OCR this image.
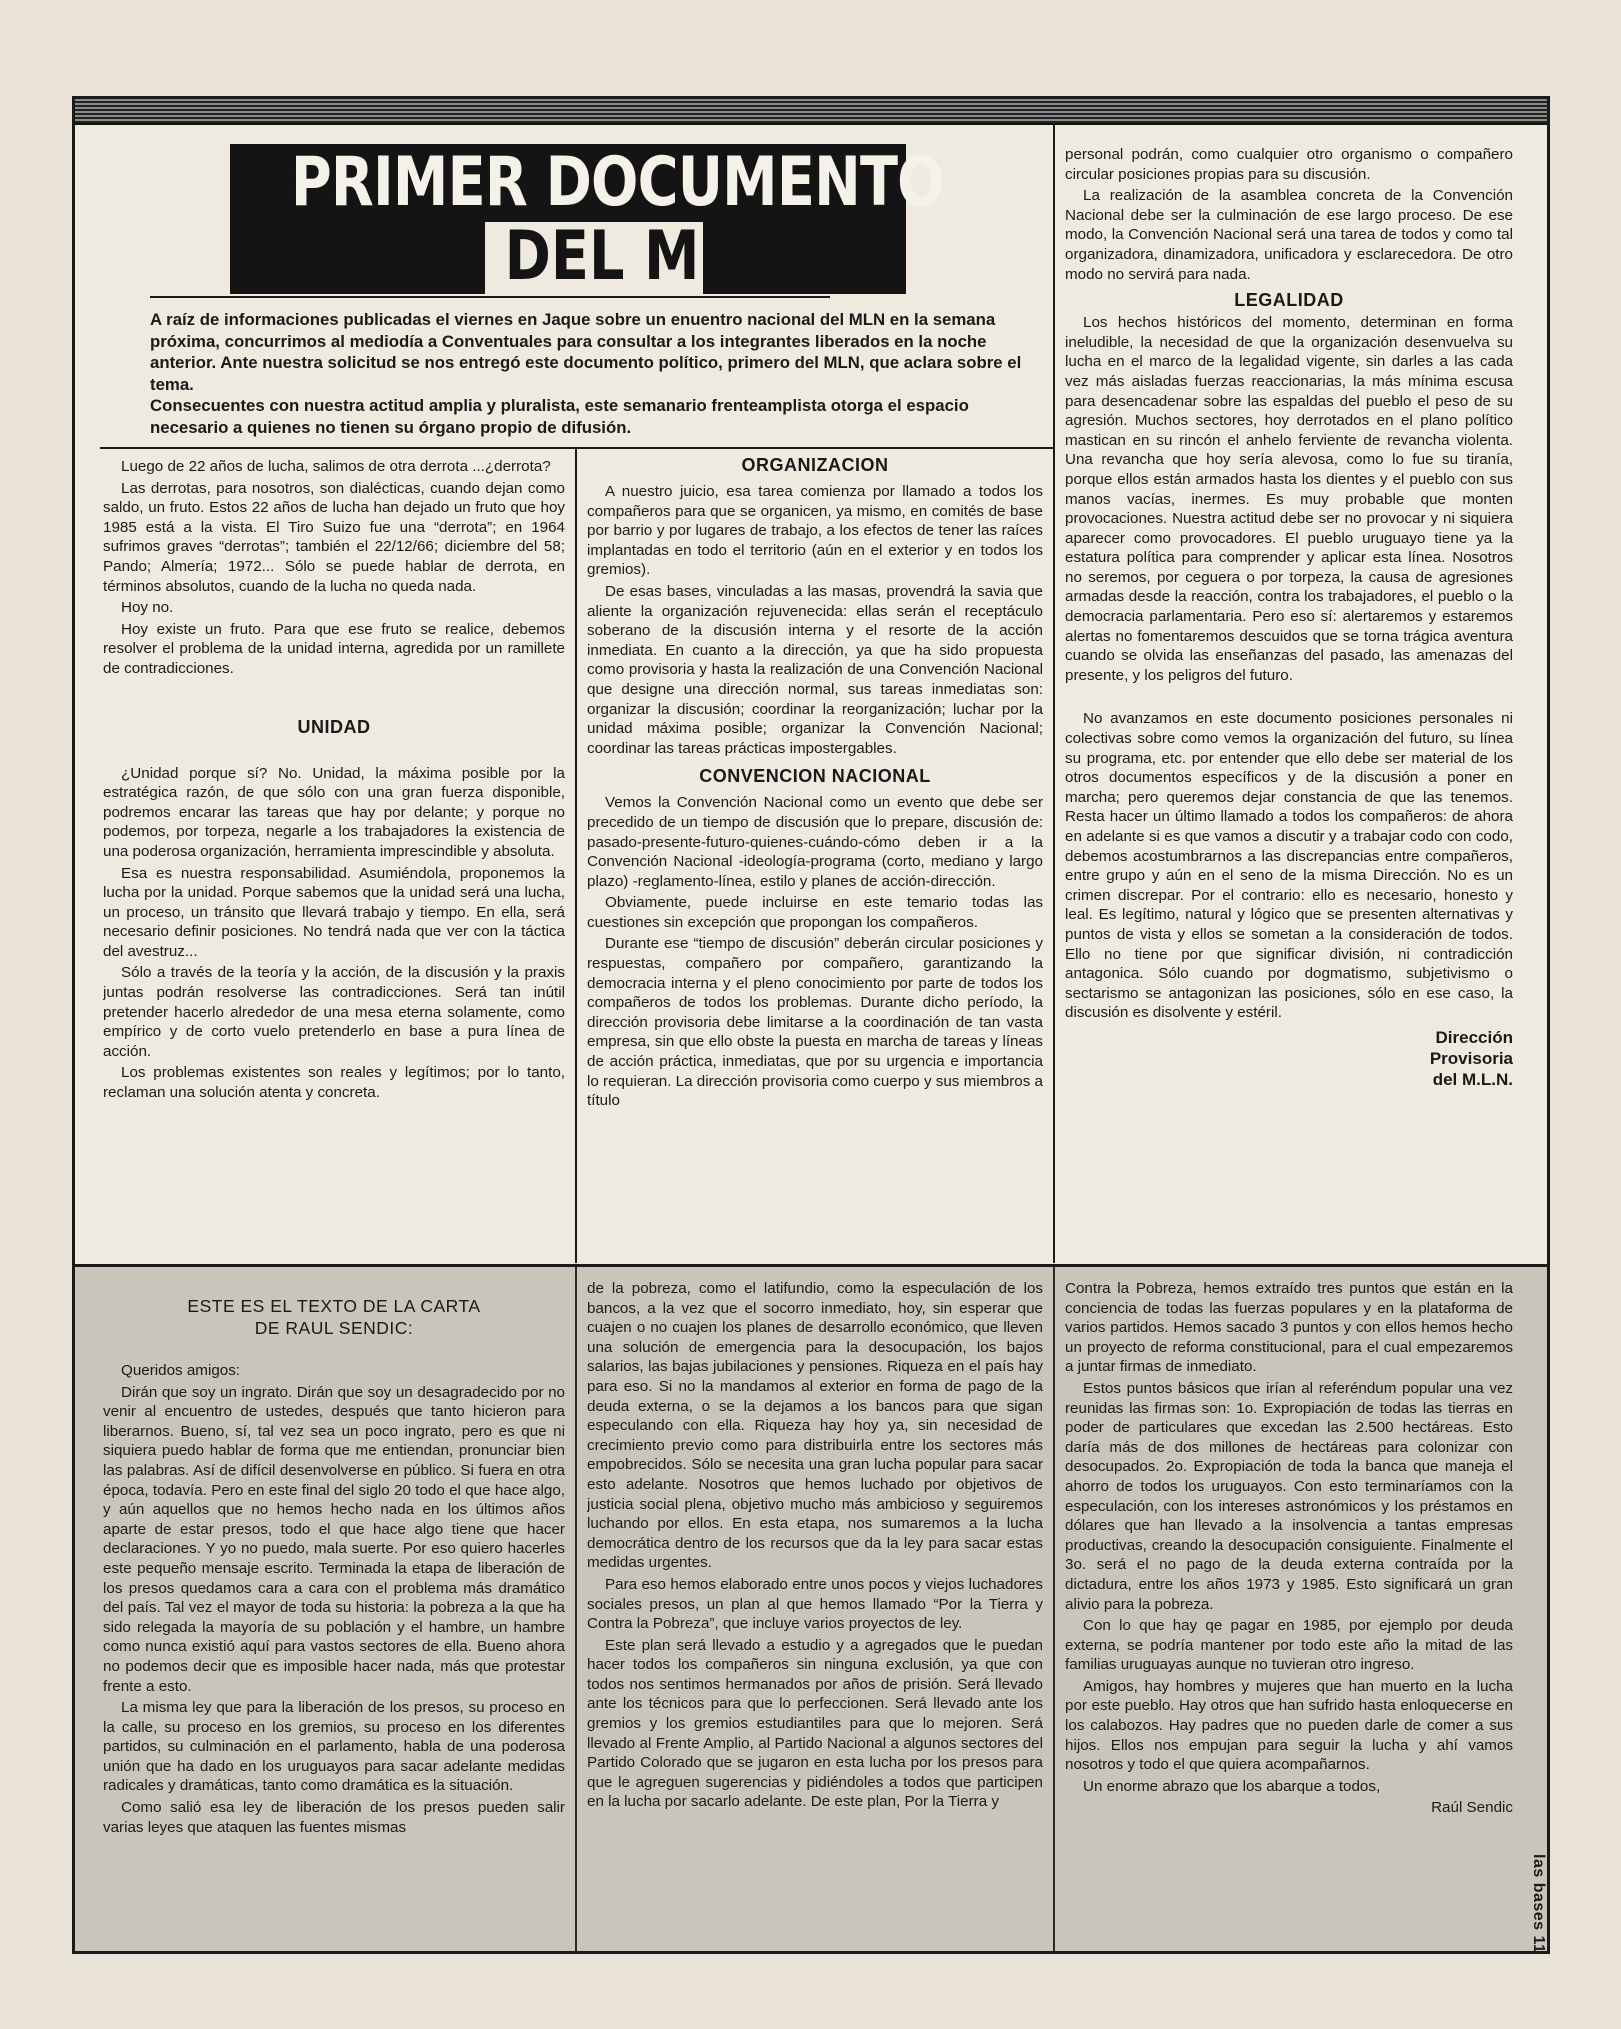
PRIMER DOCUMENTO
DEL MLN

A raíz de informaciones publicadas el viernes en Jaque sobre un enuentro nacional del MLN en la semana próxima, concurrimos al mediodía a Conventuales para consultar a los integrantes liberados en la noche anterior. Ante nuestra solicitud se nos entregó este documento político, primero del MLN, que aclara sobre el tema.

Consecuentes con nuestra actitud amplia y pluralista, este semanario frenteamplista otorga el espacio necesario a quienes no tienen su órgano propio de difusión.

Luego de 22 años de lucha, salimos de otra derrota ...¿derrota?

Las derrotas, para nosotros, son dialécticas, cuando dejan como saldo, un fruto. Estos 22 años de lucha han dejado un fruto que hoy 1985 está a la vista. El Tiro Suizo fue una “derrota”; en 1964 sufrimos graves “derrotas”; también el 22/12/66; diciembre del 58; Pando; Almería; 1972... Sólo se puede hablar de derrota, en términos absolutos, cuando de la lucha no queda nada.

Hoy no.

Hoy existe un fruto. Para que ese fruto se realice, debemos resolver el problema de la unidad interna, agredida por un ramillete de contradicciones.

UNIDAD

¿Unidad porque sí? No. Unidad, la máxima posible por la estratégica razón, de que sólo con una gran fuerza disponible, podremos encarar las tareas que hay por delante; y porque no podemos, por torpeza, negarle a los trabajadores la existencia de una poderosa organización, herramienta imprescindible y absoluta.

Esa es nuestra responsabilidad. Asumiéndola, proponemos la lucha por la unidad. Porque sabemos que la unidad será una lucha, un proceso, un tránsito que llevará trabajo y tiempo. En ella, será necesario definir posiciones. No tendrá nada que ver con la táctica del avestruz...

Sólo a través de la teoría y la acción, de la discusión y la praxis juntas podrán resolverse las contradicciones. Será tan inútil pretender hacerlo alrededor de una mesa eterna solamente, como empírico y de corto vuelo pretenderlo en base a pura línea de acción.

Los problemas existentes son reales y legítimos; por lo tanto, reclaman una solución atenta y concreta.

ORGANIZACION

A nuestro juicio, esa tarea comienza por llamado a todos los compañeros para que se organicen, ya mismo, en comités de base por barrio y por lugares de trabajo, a los efectos de tener las raíces implantadas en todo el territorio (aún en el exterior y en todos los gremios).

De esas bases, vinculadas a las masas, provendrá la savia que aliente la organización rejuvenecida: ellas serán el receptáculo soberano de la discusión interna y el resorte de la acción inmediata. En cuanto a la dirección, ya que ha sido propuesta como provisoria y hasta la realización de una Convención Nacional que designe una dirección normal, sus tareas inmediatas son: organizar la discusión; coordinar la reorganización; luchar por la unidad máxima posible; organizar la Convención Nacional; coordinar las tareas prácticas impostergables.

CONVENCION NACIONAL

Vemos la Convención Nacional como un evento que debe ser precedido de un tiempo de discusión que lo prepare, discusión de: pasado-presente-futuro-quienes-cuándo-cómo deben ir a la Convención Nacional -ideología-programa (corto, mediano y largo plazo) -reglamento-línea, estilo y planes de acción-dirección.

Obviamente, puede incluirse en este temario todas las cuestiones sin excepción que propongan los compañeros.

Durante ese “tiempo de discusión” deberán circular posiciones y respuestas, compañero por compañero, garantizando la democracia interna y el pleno conocimiento por parte de todos los compañeros de todos los problemas. Durante dicho período, la dirección provisoria debe limitarse a la coordinación de tan vasta empresa, sin que ello obste la puesta en marcha de tareas y líneas de acción práctica, inmediatas, que por su urgencia e importancia lo requieran. La dirección provisoria como cuerpo y sus miembros a título

personal podrán, como cualquier otro organismo o compañero circular posiciones propias para su discusión.

La realización de la asamblea concreta de la Convención Nacional debe ser la culminación de ese largo proceso. De ese modo, la Convención Nacional será una tarea de todos y como tal organizadora, dinamizadora, unificadora y esclarecedora. De otro modo no servirá para nada.

LEGALIDAD

Los hechos históricos del momento, determinan en forma ineludible, la necesidad de que la organización desenvuelva su lucha en el marco de la legalidad vigente, sin darles a las cada vez más aisladas fuerzas reaccionarias, la más mínima escusa para desencadenar sobre las espaldas del pueblo el peso de su agresión. Muchos sectores, hoy derrotados en el plano político mastican en su rincón el anhelo ferviente de revancha violenta. Una revancha que hoy sería alevosa, como lo fue su tiranía, porque ellos están armados hasta los dientes y el pueblo con sus manos vacías, inermes. Es muy probable que monten provocaciones. Nuestra actitud debe ser no provocar y ni siquiera aparecer como provocadores. El pueblo uruguayo tiene ya la estatura política para comprender y aplicar esta línea. Nosotros no seremos, por ceguera o por torpeza, la causa de agresiones armadas desde la reacción, contra los trabajadores, el pueblo o la democracia parlamentaria. Pero eso sí: alertaremos y estaremos alertas no fomentaremos descuidos que se torna trágica aventura cuando se olvida las enseñanzas del pasado, las amenazas del presente, y los peligros del futuro.

No avanzamos en este documento posiciones personales ni colectivas sobre como vemos la organización del futuro, su línea su programa, etc. por entender que ello debe ser material de los otros documentos específicos y de la discusión a poner en marcha; pero queremos dejar constancia de que las tenemos. Resta hacer un último llamado a todos los compañeros: de ahora en adelante si es que vamos a discutir y a trabajar codo con codo, debemos acostumbrarnos a las discrepancias entre compañeros, entre grupo y aún en el seno de la misma Dirección. No es un crimen discrepar. Por el contrario: ello es necesario, honesto y leal. Es legítimo, natural y lógico que se presenten alternativas y puntos de vista y ellos se sometan a la consideración de todos. Ello no tiene por que significar división, ni contradicción antagonica. Sólo cuando por dogmatismo, subjetivismo o sectarismo se antagonizan las posiciones, sólo en ese caso, la discusión es disolvente y estéril.

Dirección
Provisoria
del M.L.N.
ESTE ES EL TEXTO DE LA CARTA
DE RAUL SENDIC:

Queridos amigos:

Dirán que soy un ingrato. Dirán que soy un desagradecido por no venir al encuentro de ustedes, después que tanto hicieron para liberarnos. Bueno, sí, tal vez sea un poco ingrato, pero es que ni siquiera puedo hablar de forma que me entiendan, pronunciar bien las palabras. Así de difícil desenvolverse en público. Si fuera en otra época, todavía. Pero en este final del siglo 20 todo el que hace algo, y aún aquellos que no hemos hecho nada en los últimos años aparte de estar presos, todo el que hace algo tiene que hacer declaraciones. Y yo no puedo, mala suerte. Por eso quiero hacerles este pequeño mensaje escrito. Terminada la etapa de liberación de los presos quedamos cara a cara con el problema más dramático del país. Tal vez el mayor de toda su historia: la pobreza a la que ha sido relegada la mayoría de su población y el hambre, un hambre como nunca existió aquí para vastos sectores de ella. Bueno ahora no podemos decir que es imposible hacer nada, más que protestar frente a esto.

La misma ley que para la liberación de los presos, su proceso en la calle, su proceso en los gremios, su proceso en los diferentes partidos, su culminación en el parlamento, habla de una poderosa unión que ha dado en los uruguayos para sacar adelante medidas radicales y dramáticas, tanto como dramática es la situación.

Como salió esa ley de liberación de los presos pueden salir varias leyes que ataquen las fuentes mismas

de la pobreza, como el latifundio, como la especulación de los bancos, a la vez que el socorro inmediato, hoy, sin esperar que cuajen o no cuajen los planes de desarrollo económico, que lleven una solución de emergencia para la desocupación, los bajos salarios, las bajas jubilaciones y pensiones. Riqueza en el país hay para eso. Si no la mandamos al exterior en forma de pago de la deuda externa, o se la dejamos a los bancos para que sigan especulando con ella. Riqueza hay hoy ya, sin necesidad de crecimiento previo como para distribuirla entre los sectores más empobrecidos. Sólo se necesita una gran lucha popular para sacar esto adelante. Nosotros que hemos luchado por objetivos de justicia social plena, objetivo mucho más ambicioso y seguiremos luchando por ellos. En esta etapa, nos sumaremos a la lucha democrática dentro de los recursos que da la ley para sacar estas medidas urgentes.

Para eso hemos elaborado entre unos pocos y viejos luchadores sociales presos, un plan al que hemos llamado “Por la Tierra y Contra la Pobreza”, que incluye varios proyectos de ley.

Este plan será llevado a estudio y a agregados que le puedan hacer todos los compañeros sin ninguna exclusión, ya que con todos nos sentimos hermanados por años de prisión. Será llevado ante los técnicos para que lo perfeccionen. Será llevado ante los gremios y los gremios estudiantiles para que lo mejoren. Será llevado al Frente Amplio, al Partido Nacional a algunos sectores del Partido Colorado que se jugaron en esta lucha por los presos para que le agreguen sugerencias y pidiéndoles a todos que participen en la lucha por sacarlo adelante. De este plan, Por la Tierra y

Contra la Pobreza, hemos extraído tres puntos que están en la conciencia de todas las fuerzas populares y en la plataforma de varios partidos. Hemos sacado 3 puntos y con ellos hemos hecho un proyecto de reforma constitucional, para el cual empezaremos a juntar firmas de inmediato.

Estos puntos básicos que irían al referéndum popular una vez reunidas las firmas son: 1o. Expropiación de todas las tierras en poder de particulares que excedan las 2.500 hectáreas. Esto daría más de dos millones de hectáreas para colonizar con desocupados. 2o. Expropiación de toda la banca que maneja el ahorro de todos los uruguayos. Con esto terminaríamos con la especulación, con los intereses astronómicos y los préstamos en dólares que han llevado a la insolvencia a tantas empresas productivas, creando la desocupación consiguiente. Finalmente el 3o. será el no pago de la deuda externa contraída por la dictadura, entre los años 1973 y 1985. Esto significará un gran alivio para la pobreza.

Con lo que hay qe pagar en 1985, por ejemplo por deuda externa, se podría mantener por todo este año la mitad de las familias uruguayas aunque no tuvieran otro ingreso.

Amigos, hay hombres y mujeres que han muerto en la lucha por este pueblo. Hay otros que han sufrido hasta enloquecerse en los calabozos. Hay padres que no pueden darle de comer a sus hijos. Ellos nos empujan para seguir la lucha y ahí vamos nosotros y todo el que quiera acompañarnos.

Un enorme abrazo que los abarque a todos,

Raúl Sendic
las bases 11
